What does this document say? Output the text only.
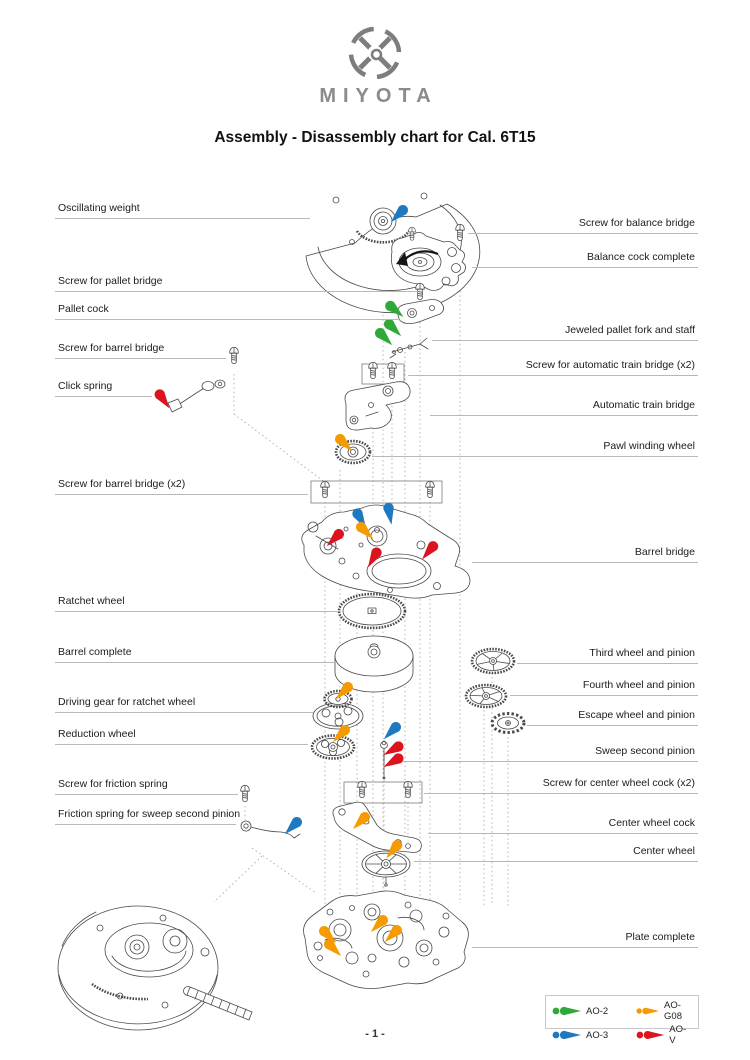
MIYOTA
Assembly - Disassembly chart for Cal. 6T15
Oscillating weight
Screw for pallet bridge
Pallet cock
Screw for barrel bridge
Click spring
Screw for barrel bridge (x2)
Ratchet wheel
Barrel complete
Driving gear for ratchet wheel
Reduction wheel
Screw for friction spring
Friction spring for sweep second pinion
Screw for balance bridge
Balance cock complete
Jeweled pallet fork and staff
Screw for automatic train bridge (x2)
Automatic train bridge
Pawl winding wheel
Barrel bridge
Third wheel and pinion
Fourth wheel and pinion
Escape wheel and pinion
Sweep second pinion
Screw for center wheel cock (x2)
Center wheel cock
Center wheel
Plate complete
AO-2	AO-G08
AO-3	AO-V
- 1 -
